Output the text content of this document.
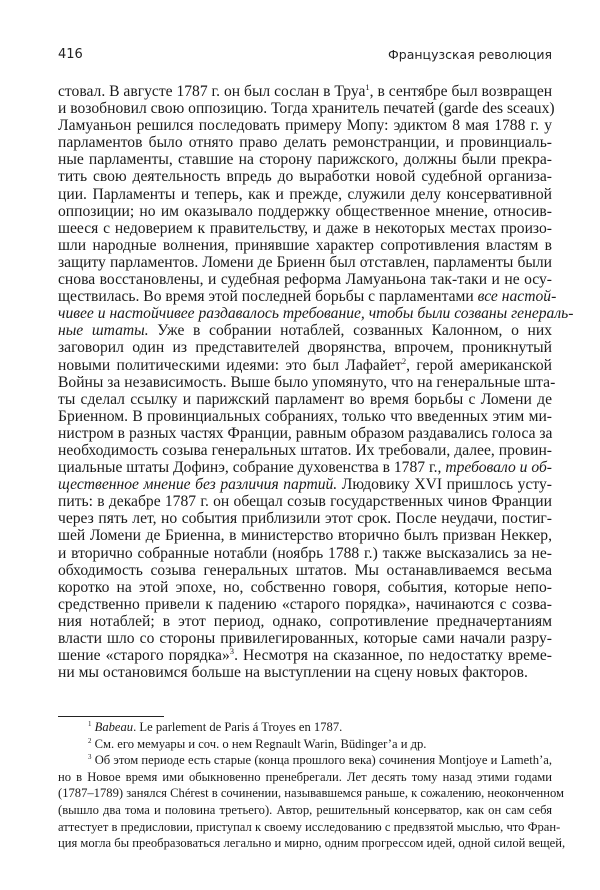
416	Французская революция
стовал. В августе 1787 г. он был сослан в Труа$^1$, в сентябре был возвращен
и возобновил свою оппозицию. Тогда хранитель печатей (garde des sceaux)
Ламуаньон решился последовать примеру Мопу: эдиктом 8 мая 1788 г. у
парламентов было отнято право делать ремонстранции, и провинциаль-
ные парламенты, ставшие на сторону парижского, должны были прекра-
тить свою деятельность впредь до выработки новой судебной организа-
ции. Парламенты и теперь, как и прежде, служили делу консервативной
оппозиции; но им оказывало поддержку общественное мнение, относив-
шееся с недоверием к правительству, и даже в некоторых местах произо-
шли народные волнения, принявшие характер сопротивления властям в
защиту парламентов. Ломени де Бриенн был отставлен, парламенты были
снова восстановлены, и судебная реформа Ламуаньона так-таки и не осу-
ществилась. Во время этой последней борьбы с парламентами все настой-
чивее и настойчивее раздавалось требование, чтобы были созваны генераль-
ные штаты. Уже в собрании нотаблей, созванных Калонном, о них
заговорил один из представителей дворянства, впрочем, проникнутый
новыми политическими идеями: это был Лафайет$^2$, герой американской
Войны за независимость. Выше было упомянуто, что на генеральные шта-
ты сделал ссылку и парижский парламент во время борьбы с Ломени де
Бриенном. В провинциальных собраниях, только что введенных этим ми-
нистром в разных частях Франции, равным образом раздавались голоса за
необходимость созыва генеральных штатов. Их требовали, далее, провин-
циальные штаты Дофинэ, собрание духовенства в 1787 г., требовало и об-
щественное мнение без различия партий. Людовику XVI пришлось усту-
пить: в декабре 1787 г. он обещал созыв государственных чинов Франции
через пять лет, но события приблизили этот срок. После неудачи, постиг-
шей Ломени де Бриенна, в министерство вторично былъ призван Неккер,
и вторично собранные нотабли (ноябрь 1788 г.) также высказались за не-
обходимость созыва генеральных штатов. Мы останавливаемся весьма
коротко на этой эпохе, но, собственно говоря, события, которые непо-
средственно привели к падению «старого порядка», начинаются с созва-
ния нотаблей; в этот период, однако, сопротивление предначертаниям
власти шло со стороны привилегированных, которые сами начали разру-
шение «старого порядка»$^3$. Несмотря на сказанное, по недостатку време-
ни мы остановимся больше на выступлении на сцену новых факторов.
$^1$ Babeau. Le parlement de Paris á Troyes en 1787.
$^2$ См. его мемуары и соч. о нем Regnault Warin, Büdinger’а и др.
$^3$ Об этом периоде есть старые (конца прошлого века) сочинения Montjoye и Lameth’а,
но в Новое время ими обыкновенно пренебрегали. Лет десять тому назад этими годами
(1787–1789) занялся Chérest в сочинении, называвшемся раньше, к сожалению, неоконченном
(вышло два тома и половина третьего). Автор, решительный консерватор, как он сам себя
аттестует в предисловии, приступал к своему исследованию с предвзятой мыслью, что Фран-
ция могла бы преобразоваться легально и мирно, одним прогрессом идей, одной силой вещей,
